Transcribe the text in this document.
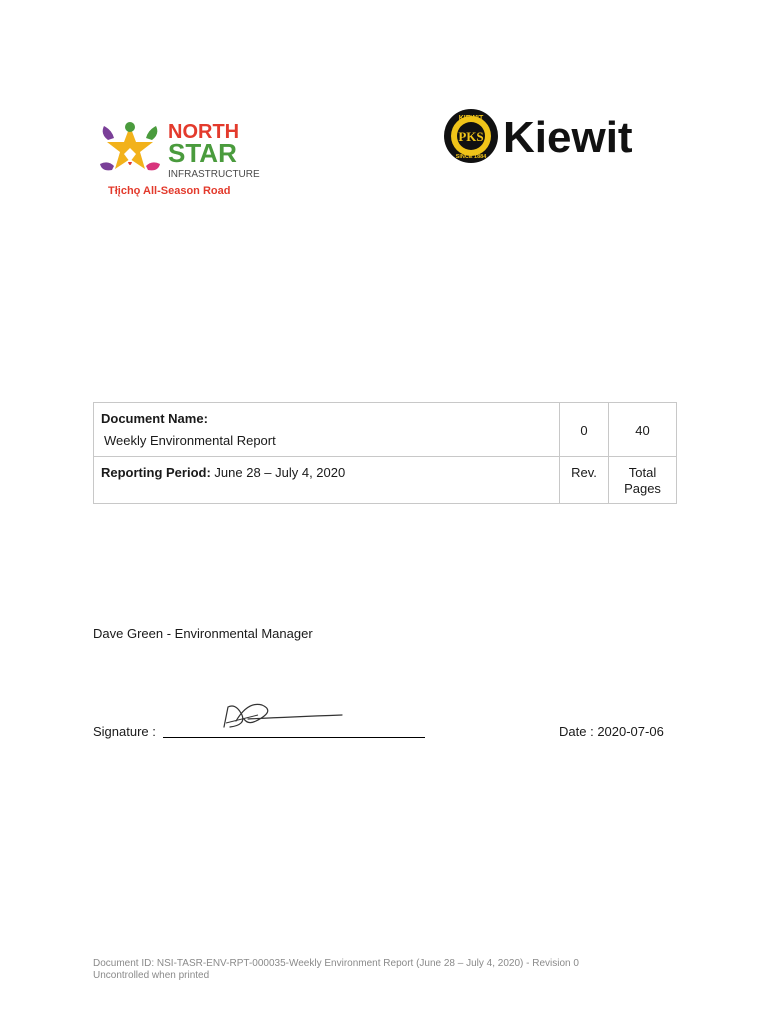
NORTH
STAR
INFRASTRUCTURE
Tłįchǫ All-Season Road
KIEWIT
PKS
SINCE 1884 Kiewit
Document Name:
Weekly Environmental Report	0	40

Reporting Period: June 28 – July 4, 2020	Rev.	Total
Pages
Dave Green - Environmental Manager
Signature :	Date : 2020-07-06
Document ID: NSI-TASR-ENV-RPT-000035-Weekly Environment Report (June 28 – July 4, 2020) - Revision 0
Uncontrolled when printed
